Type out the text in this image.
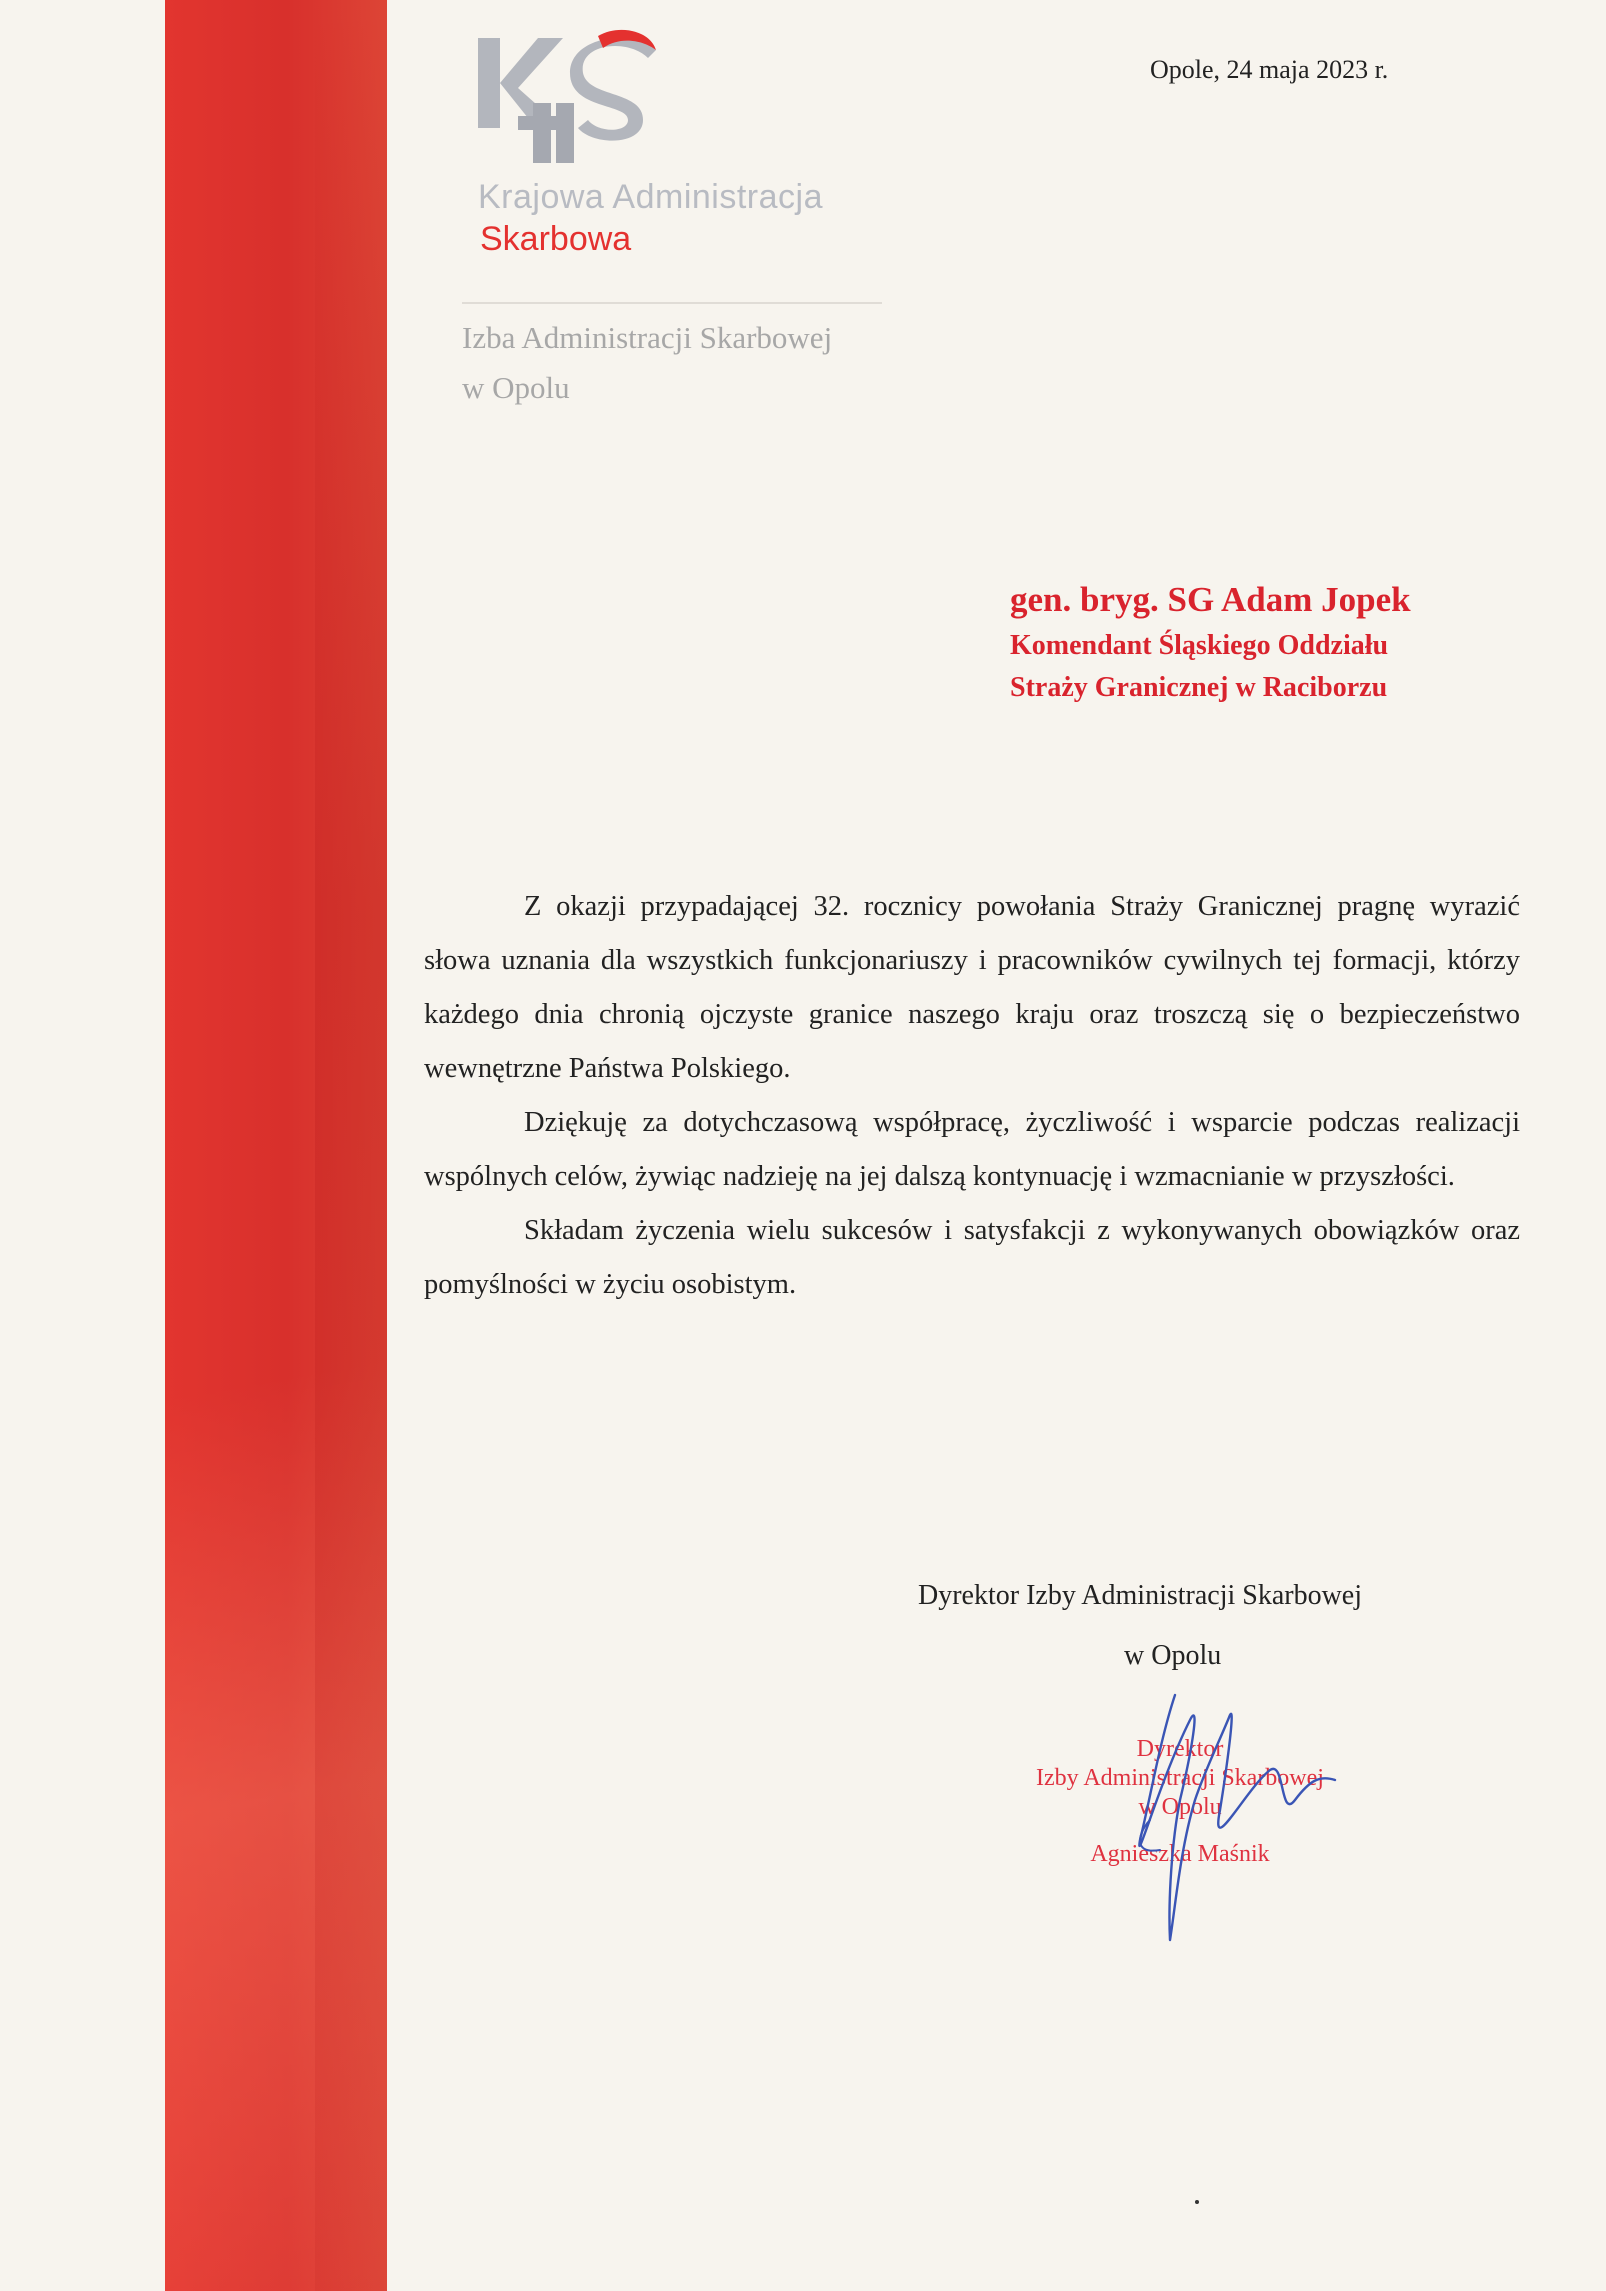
Krajowa Administracja
Skarbowa
Izba Administracji Skarbowej
w Opolu
Opole, 24 maja 2023 r.
gen. bryg. SG Adam Jopek
Komendant Śląskiego Oddziału
Straży Granicznej w Raciborzu

Z okazji przypadającej 32. rocznicy powołania Straży Granicznej pragnę wyrazić słowa uznania dla wszystkich funkcjonariuszy i pracowników cywilnych tej formacji, którzy każdego dnia chronią ojczyste granice naszego kraju oraz troszczą się o bezpieczeństwo wewnętrzne Państwa Polskiego.

Dziękuję za dotychczasową współpracę, życzliwość i wsparcie podczas realizacji wspólnych celów, żywiąc nadzieję na jej dalszą kontynuację i wzmacnianie w przyszłości.

Składam życzenia wielu sukcesów i satysfakcji z wykonywanych obowiązków oraz pomyślności w życiu osobistym.

Dyrektor Izby Administracji Skarbowej
w Opolu
Dyrektor
Izby Administracji Skarbowej
w Opolu
Agnieszka Maśnik
